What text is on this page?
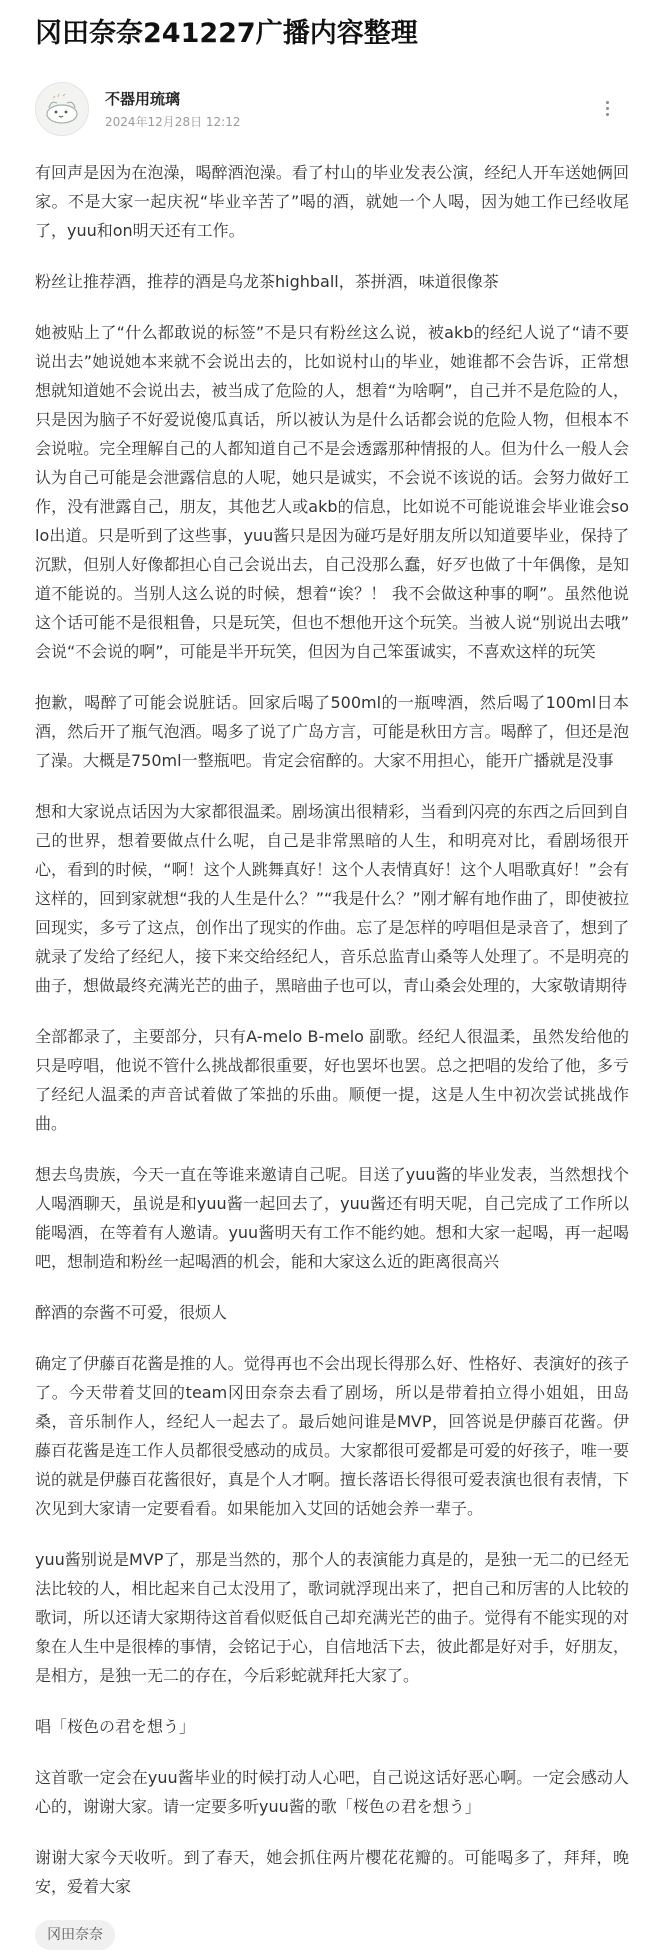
冈田奈奈241227广播内容整理
不器用琉璃
2024年12月28日 12:12

有回声是因为在泡澡，喝醉酒泡澡。看了村山的毕业发表公演，经纪人开车送她俩回家。不是大家一起庆祝“毕业辛苦了”喝的酒，就她一个人喝，因为她工作已经收尾了，yuu和on明天还有工作。

粉丝让推荐酒，推荐的酒是乌龙茶highball，茶拼酒，味道很像茶

她被贴上了“什么都敢说的标签”不是只有粉丝这么说，被akb的经纪人说了“请不要说出去”她说她本来就不会说出去的，比如说村山的毕业，她谁都不会告诉，正常想想就知道她不会说出去，被当成了危险的人，想着“为啥啊”，自己并不是危险的人，只是因为脑子不好爱说傻瓜真话，所以被认为是什么话都会说的危险人物，但根本不会说啦。完全理解自己的人都知道自己不是会透露那种情报的人。但为什么一般人会认为自己可能是会泄露信息的人呢，她只是诚实，不会说不该说的话。会努力做好工作，没有泄露自己，朋友，其他艺人或akb的信息，比如说不可能说谁会毕业谁会solo出道。只是听到了这些事，yuu酱只是因为碰巧是好朋友所以知道要毕业，保持了沉默，但别人好像都担心自己会说出去，自己没那么蠢，好歹也做了十年偶像，是知道不能说的。当别人这么说的时候，想着“诶？！ 我不会做这种事的啊”。虽然他说这个话可能不是很粗鲁，只是玩笑，但也不想他开这个玩笑。当被人说“别说出去哦” 会说“不会说的啊”，可能是半开玩笑，但因为自己笨蛋诚实，不喜欢这样的玩笑

抱歉，喝醉了可能会说脏话。回家后喝了500ml的一瓶啤酒，然后喝了100ml日本酒，然后开了瓶气泡酒。喝多了说了广岛方言，可能是秋田方言。喝醉了，但还是泡了澡。大概是750ml一整瓶吧。肯定会宿醉的。大家不用担心，能开广播就是没事

想和大家说点话因为大家都很温柔。剧场演出很精彩，当看到闪亮的东西之后回到自己的世界，想着要做点什么呢，自己是非常黑暗的人生，和明亮对比，看剧场很开心，看到的时候，“啊！这个人跳舞真好！这个人表情真好！这个人唱歌真好！”会有这样的，回到家就想“我的人生是什么？”“我是什么？”刚才解有地作曲了，即使被拉回现实，多亏了这点，创作出了现实的作曲。忘了是怎样的哼唱但是录音了，想到了就录了发给了经纪人，接下来交给经纪人，音乐总监青山桑等人处理了。不是明亮的曲子，想做最终充满光芒的曲子，黑暗曲子也可以，青山桑会处理的，大家敬请期待

全部都录了，主要部分，只有A-melo B-melo 副歌。经纪人很温柔，虽然发给他的只是哼唱，他说不管什么挑战都很重要，好也罢坏也罢。总之把唱的发给了他，多亏了经纪人温柔的声音试着做了笨拙的乐曲。顺便一提，这是人生中初次尝试挑战作曲。

想去鸟贵族，今天一直在等谁来邀请自己呢。目送了yuu酱的毕业发表，当然想找个人喝酒聊天，虽说是和yuu酱一起回去了，yuu酱还有明天呢，自己完成了工作所以能喝酒，在等着有人邀请。yuu酱明天有工作不能约她。想和大家一起喝，再一起喝吧，想制造和粉丝一起喝酒的机会，能和大家这么近的距离很高兴

醉酒的奈酱不可爱，很烦人

确定了伊藤百花酱是推的人。觉得再也不会出现长得那么好、性格好、表演好的孩子了。今天带着艾回的team冈田奈奈去看了剧场，所以是带着拍立得小姐姐，田岛桑，音乐制作人，经纪人一起去了。最后她问谁是MVP，回答说是伊藤百花酱。伊藤百花酱是连工作人员都很受感动的成员。大家都很可爱都是可爱的好孩子，唯一要说的就是伊藤百花酱很好，真是个人才啊。擅长落语长得很可爱表演也很有表情，下次见到大家请一定要看看。如果能加入艾回的话她会养一辈子。

yuu酱别说是MVP了，那是当然的，那个人的表演能力真是的，是独一无二的已经无法比较的人，相比起来自己太没用了，歌词就浮现出来了，把自己和厉害的人比较的歌词，所以还请大家期待这首看似贬低自己却充满光芒的曲子。觉得有不能实现的对象在人生中是很棒的事情，会铭记于心，自信地活下去，彼此都是好对手，好朋友，是相方，是独一无二的存在，今后彩蛇就拜托大家了。

唱「桜色の君を想う」

这首歌一定会在yuu酱毕业的时候打动人心吧，自己说这话好恶心啊。一定会感动人心的，谢谢大家。请一定要多听yuu酱的歌「桜色の君を想う」

谢谢大家今天收听。到了春天，她会抓住两片樱花花瓣的。可能喝多了，拜拜，晚安，爱着大家

冈田奈奈
